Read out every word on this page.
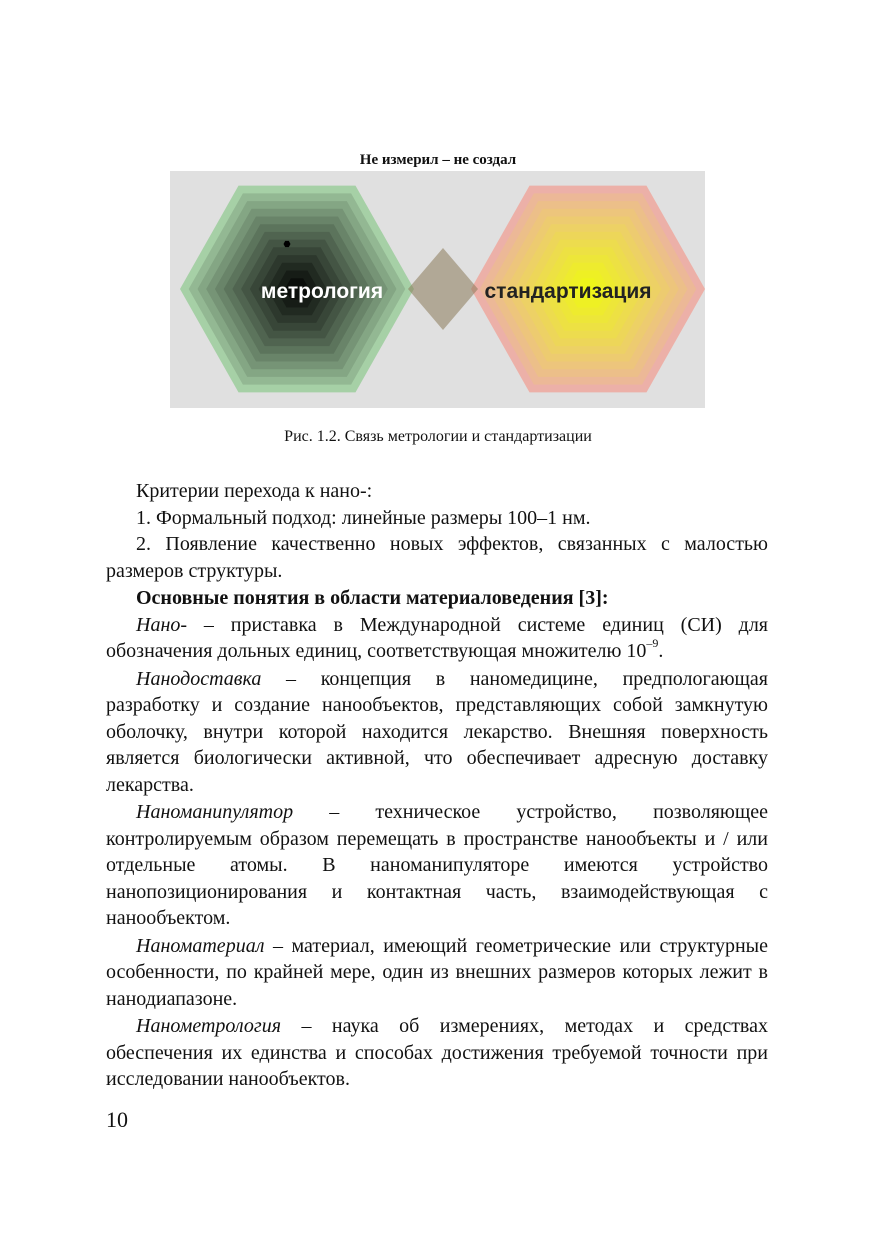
Не измерил – не создал
метрология	стандартизация
Рис. 1.2. Связь метрологии и стандартизации

Критерии перехода к нано-:

1. Формальный подход: линейные размеры 100–1 нм.

2. Появление качественно новых эффектов, связанных с малостью размеров структуры.

Основные понятия в области материаловедения [3]:

Нано- – приставка в Международной системе единиц (СИ) для обозначения дольных единиц, соответствующая множителю $10^{-9}$.

Нанодоставка – концепция в наномедицине, предпологающая разработку и создание нанообъектов, представляющих собой замкнутую оболочку, внутри которой находится лекарство. Внешняя поверхность является биологически активной, что обеспечивает адресную доставку лекарства.

Наноманипулятор – техническое устройство, позволяющее контролируемым образом перемещать в пространстве нанообъекты и / или отдельные атомы. В наноманипуляторе имеются устройство нанопозиционирования и контактная часть, взаимодействующая с нанообъектом.

Наноматериал – материал, имеющий геометрические или структурные особенности, по крайней мере, один из внешних размеров которых лежит в нанодиапазоне.

Нанометрология – наука об измерениях, методах и средствах обеспечения их единства и способах достижения требуемой точности при исследовании нанообъектов.

10
